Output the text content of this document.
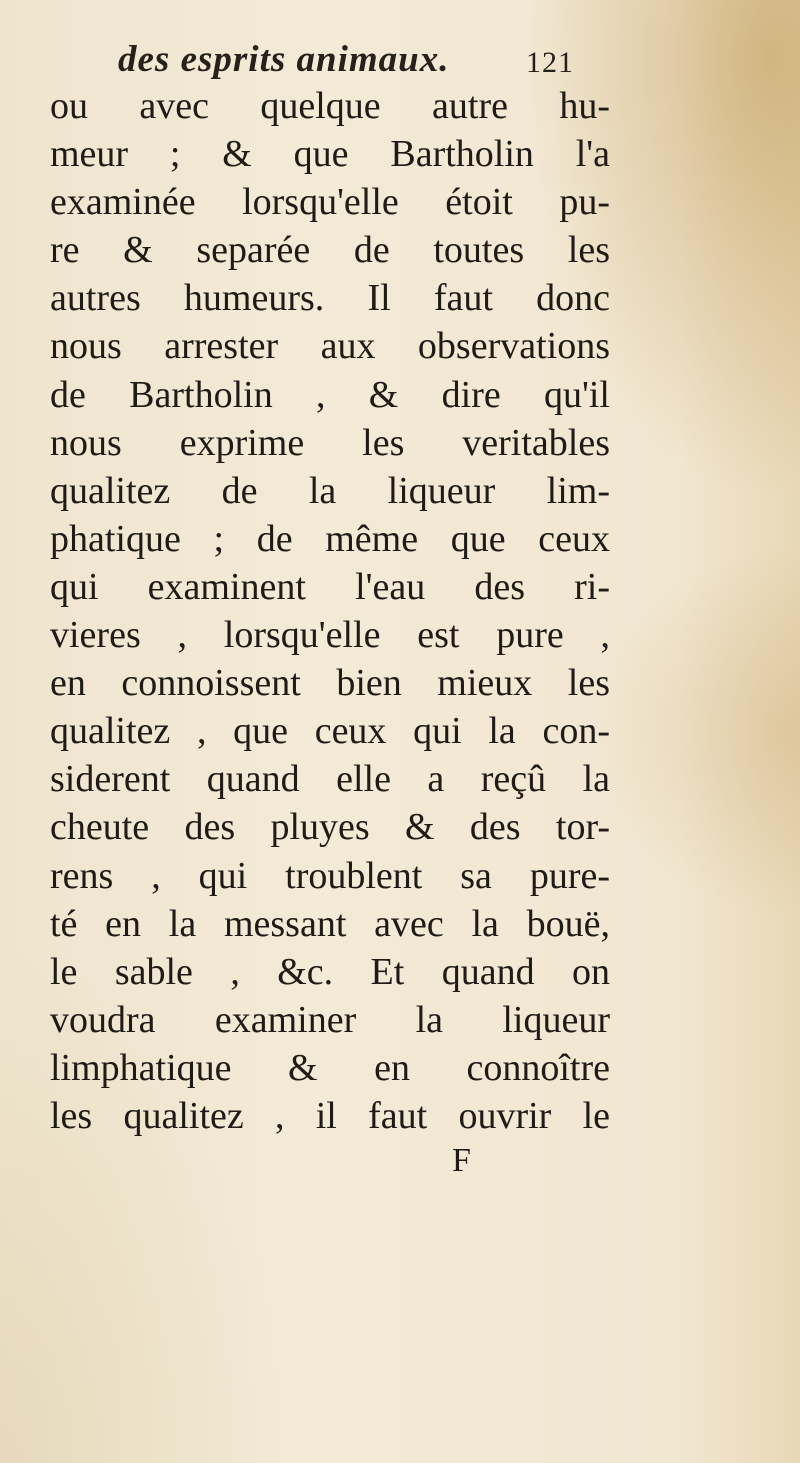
des esprits animaux.	121
ou avec quelque autre hu-
meur ; & que Bartholin l'a
examinée lorsqu'elle étoit pu-
re & separée de toutes les
autres humeurs. Il faut donc
nous arrester aux observations
de Bartholin , & dire qu'il
nous exprime les veritables
qualitez de la liqueur lim-
phatique ; de même que ceux
qui examinent l'eau des ri-
vieres , lorsqu'elle est pure ,
en connoissent bien mieux les
qualitez , que ceux qui la con-
siderent quand elle a reçû la
cheute des pluyes & des tor-
rens , qui troublent sa pure-
té en la messant avec la bouë,
le sable , &c. Et quand on
voudra examiner la liqueur
limphatique & en connoître
les qualitez , il faut ouvrir le
F
